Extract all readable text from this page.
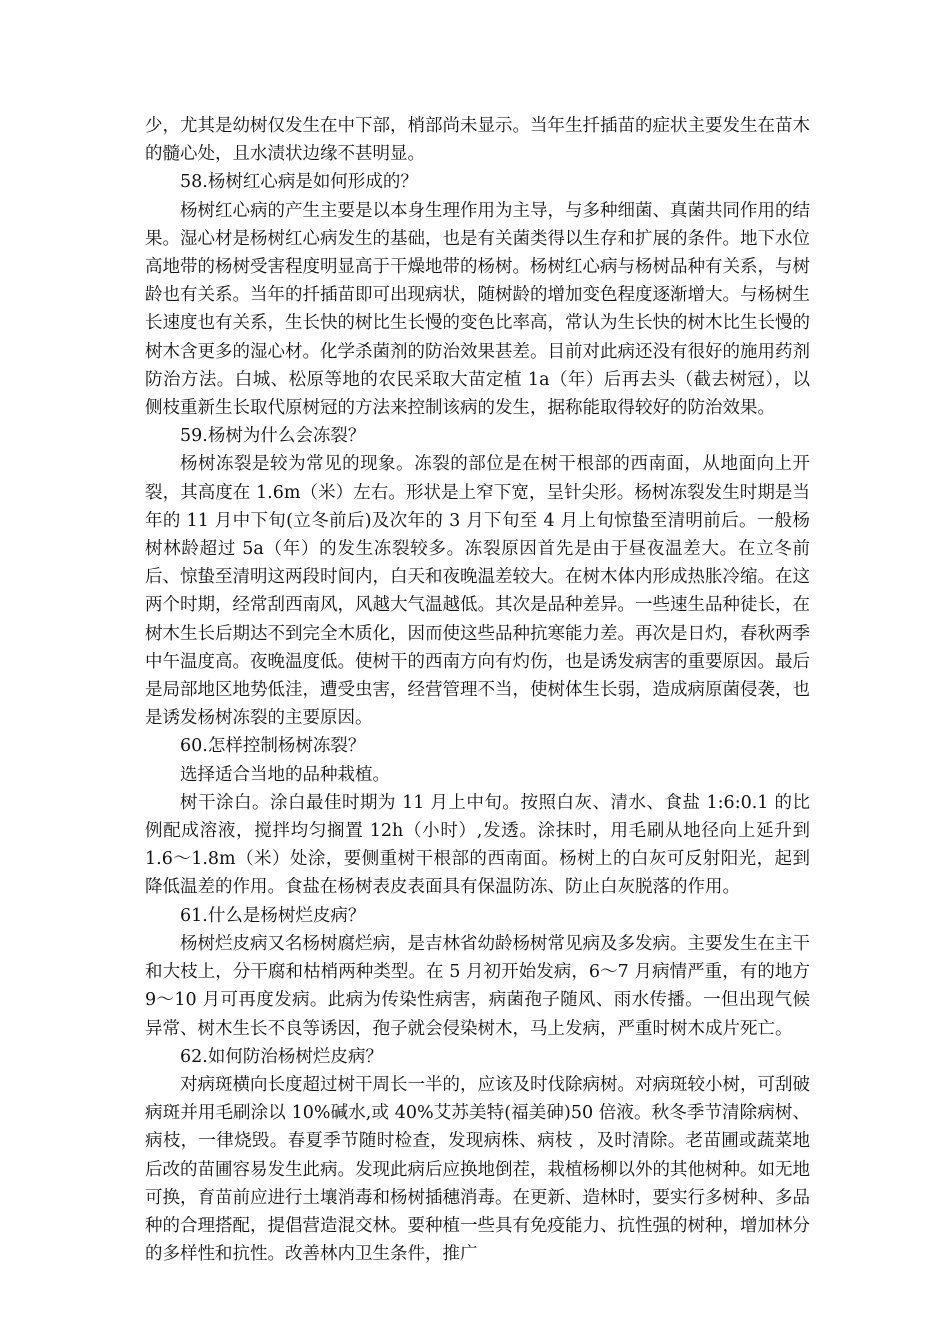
少，尤其是幼树仅发生在中下部，梢部尚未显示。当年生扦插苗的症状主要发生在苗木的髓心处，且水渍状边缘不甚明显。

58.杨树红心病是如何形成的？

杨树红心病的产生主要是以本身生理作用为主导，与多种细菌、真菌共同作用的结果。湿心材是杨树红心病发生的基础，也是有关菌类得以生存和扩展的条件。地下水位高地带的杨树受害程度明显高于干燥地带的杨树。杨树红心病与杨树品种有关系，与树龄也有关系。当年的扦插苗即可出现病状，随树龄的增加变色程度逐渐增大。与杨树生长速度也有关系，生长快的树比生长慢的变色比率高，常认为生长快的树木比生长慢的树木含更多的湿心材。化学杀菌剂的防治效果甚差。目前对此病还没有很好的施用药剂防治方法。白城、松原等地的农民采取大苗定植 1a（年）后再去头（截去树冠），以侧枝重新生长取代原树冠的方法来控制该病的发生，据称能取得较好的防治效果。

59.杨树为什么会冻裂？

杨树冻裂是较为常见的现象。冻裂的部位是在树干根部的西南面，从地面向上开裂，其高度在 1.6m（米）左右。形状是上窄下宽，呈针尖形。杨树冻裂发生时期是当年的 11 月中下旬(立冬前后)及次年的 3 月下旬至 4 月上旬惊蛰至清明前后。一般杨树林龄超过 5a（年）的发生冻裂较多。冻裂原因首先是由于昼夜温差大。在立冬前后、惊蛰至清明这两段时间内，白天和夜晚温差较大。在树木体内形成热胀冷缩。在这两个时期，经常刮西南风，风越大气温越低。其次是品种差异。一些速生品种徒长，在树木生长后期达不到完全木质化，因而使这些品种抗寒能力差。再次是日灼，春秋两季中午温度高。夜晚温度低。使树干的西南方向有灼伤，也是诱发病害的重要原因。最后是局部地区地势低洼，遭受虫害，经营管理不当，使树体生长弱，造成病原菌侵袭，也是诱发杨树冻裂的主要原因。

60.怎样控制杨树冻裂？

选择适合当地的品种栽植。

树干涂白。涂白最佳时期为 11 月上中旬。按照白灰、清水、食盐 1:6:0.1 的比例配成溶液，搅拌均匀搁置 12h（小时）,发透。涂抹时，用毛刷从地径向上延升到 1.6～1.8m（米）处涂，要侧重树干根部的西南面。杨树上的白灰可反射阳光，起到降低温差的作用。食盐在杨树表皮表面具有保温防冻、防止白灰脱落的作用。

61.什么是杨树烂皮病？

杨树烂皮病又名杨树腐烂病，是吉林省幼龄杨树常见病及多发病。主要发生在主干和大枝上，分干腐和枯梢两种类型。在 5 月初开始发病，6～7 月病情严重，有的地方 9～10 月可再度发病。此病为传染性病害，病菌孢子随风、雨水传播。一但出现气候异常、树木生长不良等诱因，孢子就会侵染树木，马上发病，严重时树木成片死亡。

62.如何防治杨树烂皮病？

对病斑横向长度超过树干周长一半的，应该及时伐除病树。对病斑较小树，可刮破病斑并用毛刷涂以 10%碱水,或 40%艾苏美特(福美砷)50 倍液。秋冬季节清除病树、病枝，一律烧毁。春夏季节随时检查，发现病株、病枝 ，及时清除。老苗圃或蔬菜地后改的苗圃容易发生此病。发现此病后应换地倒茬，栽植杨柳以外的其他树种。如无地可换，育苗前应进行土壤消毒和杨树插穗消毒。在更新、造林时，要实行多树种、多品种的合理搭配，提倡营造混交林。要种植一些具有免疫能力、抗性强的树种，增加林分的多样性和抗性。改善林内卫生条件，推广
